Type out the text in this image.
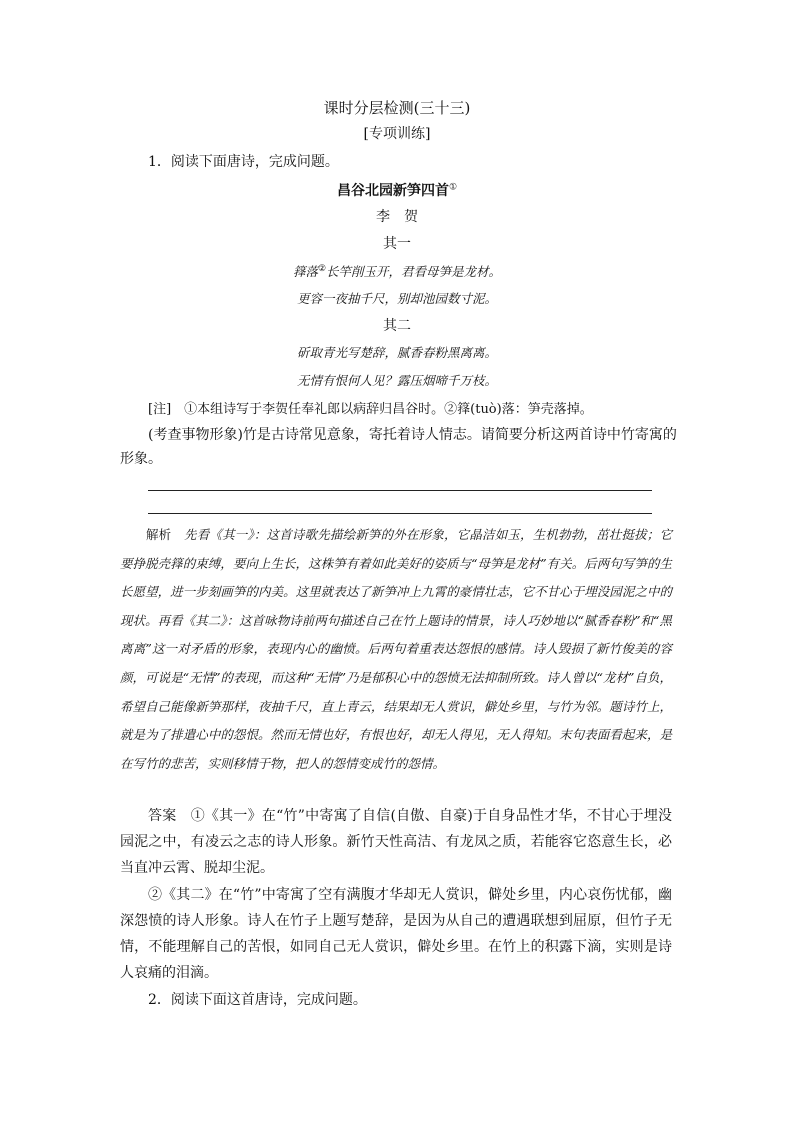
课时分层检测(三十三)
[专项训练]
1．阅读下面唐诗，完成问题。
昌谷北园新笋四首①
李贺
其一
箨落②长竿削玉开，君看母笋是龙材。
更容一夜抽千尺，别却池园数寸泥。
其二
斫取青光写楚辞，腻香春粉黑离离。
无情有恨何人见？露压烟啼千万枝。
[注]　①本组诗写于李贺任奉礼郎以病辞归昌谷时。②箨(tuò)落：笋壳落掉。
(考查事物形象)竹是古诗常见意象，寄托着诗人情志。请简要分析这两首诗中竹寄寓的形象。
解析　 先看《其一》：这首诗歌先描绘新笋的外在形象，它晶洁如玉，生机勃勃，茁壮挺拔；它要挣脱壳箨的束缚，要向上生长，这株笋有着如此美好的姿质与“母笋是龙材”有关。后两句写笋的生长愿望，进一步刻画笋的内美。这里就表达了新笋冲上九霄的豪情壮志，它不甘心于埋没园泥之中的现状。再看《其二》：这首咏物诗前两句描述自己在竹上题诗的情景，诗人巧妙地以“腻香春粉”和“黑离离”这一对矛盾的形象，表现内心的幽愤。后两句着重表达怨恨的感情。诗人毁损了新竹俊美的容颜，可说是“无情”的表现，而这种“无情”乃是郁积心中的怨愤无法抑制所致。诗人曾以“龙材”自负，希望自己能像新笋那样，夜抽千尺，直上青云，结果却无人赏识，僻处乡里，与竹为邻。题诗竹上，就是为了排遣心中的怨恨。然而无情也好，有恨也好，却无人得见，无人得知。末句表面看起来，是在写竹的悲苦，实则移情于物，把人的怨情变成竹的怨情。
答案　 ①《其一》在“竹”中寄寓了自信(自傲、自豪)于自身品性才华，不甘心于埋没园泥之中，有凌云之志的诗人形象。新竹天性高洁、有龙凤之质，若能容它恣意生长，必当直冲云霄、脱却尘泥。
②《其二》在“竹”中寄寓了空有满腹才华却无人赏识，僻处乡里，内心哀伤忧郁，幽深怨愤的诗人形象。诗人在竹子上题写楚辞，是因为从自己的遭遇联想到屈原，但竹子无情，不能理解自己的苦恨，如同自己无人赏识，僻处乡里。在竹上的积露下滴，实则是诗人哀痛的泪滴。
2．阅读下面这首唐诗，完成问题。
